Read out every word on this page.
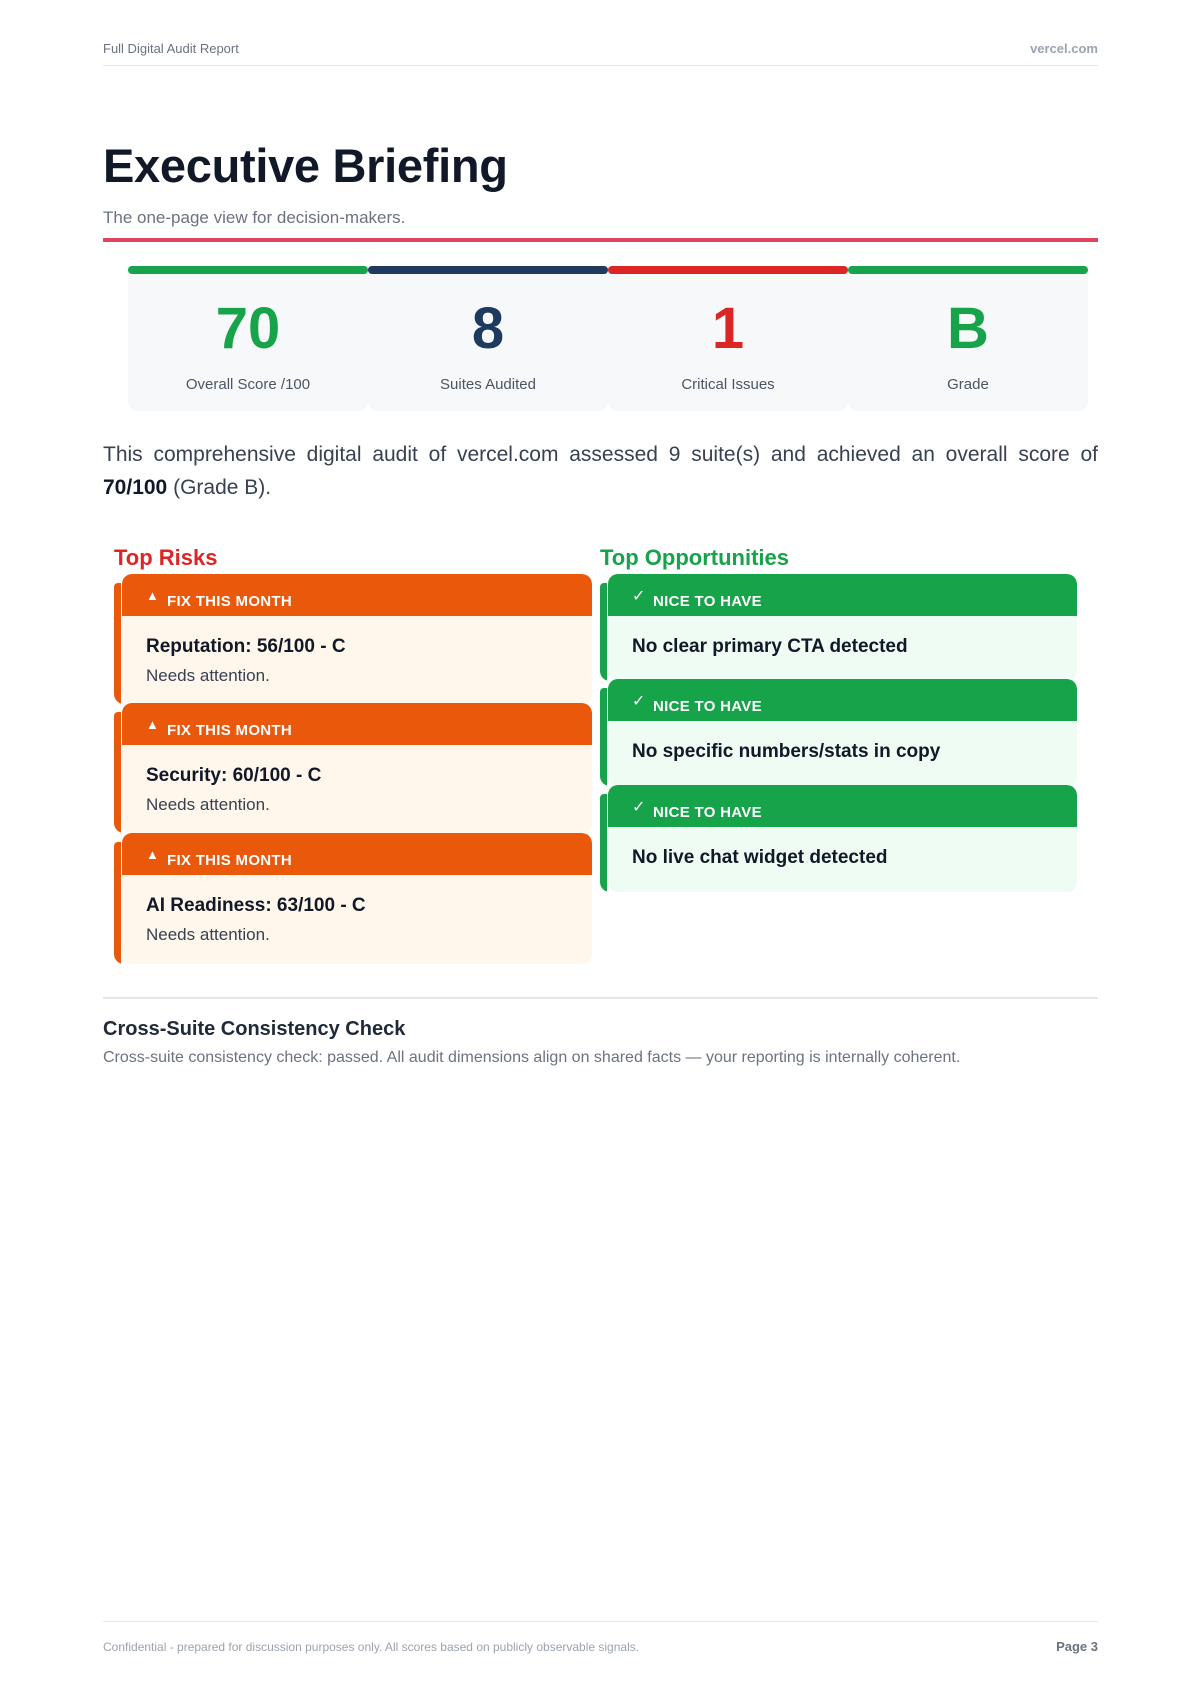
Full Digital Audit Report	vercel.com
Executive Briefing
The one-page view for decision-makers.
70
Overall Score /100
8
Suites Audited
1
Critical Issues
B
Grade

This comprehensive digital audit of vercel.com assessed 9 suite(s) and achieved an overall score of 70/100 (Grade B).

Top Risks
▲ FIX THIS MONTH
Reputation: 56/100 - C
Needs attention.
▲ FIX THIS MONTH
Security: 60/100 - C
Needs attention.
▲ FIX THIS MONTH
AI Readiness: 63/100 - C
Needs attention.
Top Opportunities
✓ NICE TO HAVE
No clear primary CTA detected
✓ NICE TO HAVE
No specific numbers/stats in copy
✓ NICE TO HAVE
No live chat widget detected
Cross-Suite Consistency Check
Cross-suite consistency check: passed. All audit dimensions align on shared facts — your reporting is internally coherent.
Confidential - prepared for discussion purposes only. All scores based on publicly observable signals.	Page 3
